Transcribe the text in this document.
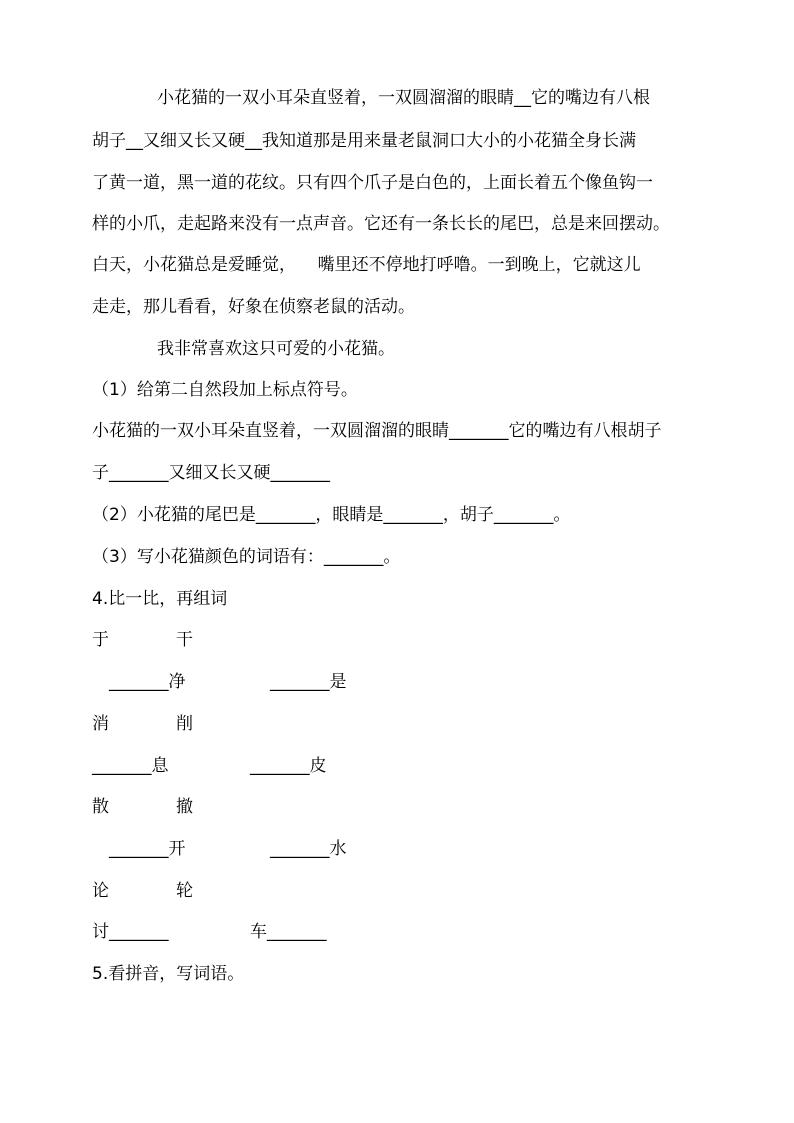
小花猫的一双小耳朵直竖着，一双圆溜溜的眼睛__它的嘴边有八根

胡子__又细又长又硬__我知道那是用来量老鼠洞口大小的小花猫全身长满

了黄一道，黑一道的花纹。只有四个爪子是白色的，上面长着五个像鱼钩一

样的小爪，走起路来没有一点声音。它还有一条长长的尾巴，总是来回摆动。

白天，小花猫总是爱睡觉，    嘴里还不停地打呼噜。一到晚上，它就这儿

走走，那儿看看，好象在侦察老鼠的活动。

我非常喜欢这只可爱的小花猫。

（1）给第二自然段加上标点符号。

小花猫的一双小耳朵直竖着，一双圆溜溜的眼睛_______它的嘴边有八根胡子

子_______又细又长又硬_______

（2）小花猫的尾巴是_______，眼睛是_______，胡子_______。

（3）写小花猫颜色的词语有：_______。

4.比一比，再组词

于	干
_______净	_______是
消	削
_______息	_______皮
散	撤
_______开	_______水
论	轮
讨_______	车_______

5.看拼音，写词语。
